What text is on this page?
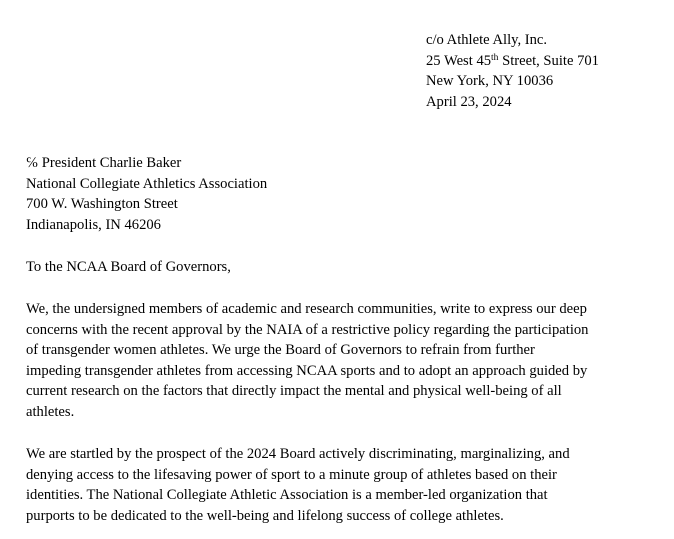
c/o Athlete Ally, Inc.
25 West 45th Street, Suite 701
New York, NY 10036
April 23, 2024
℅ President Charlie Baker
National Collegiate Athletics Association
700 W. Washington Street
Indianapolis, IN 46206
To the NCAA Board of Governors,
We, the undersigned members of academic and research communities, write to express our deep
concerns with the recent approval by the NAIA of a restrictive policy regarding the participation
of transgender women athletes. We urge the Board of Governors to refrain from further
impeding transgender athletes from accessing NCAA sports and to adopt an approach guided by
current research on the factors that directly impact the mental and physical well-being of all
athletes.
We are startled by the prospect of the 2024 Board actively discriminating, marginalizing, and
denying access to the lifesaving power of sport to a minute group of athletes based on their
identities. The National Collegiate Athletic Association is a member-led organization that
purports to be dedicated to the well-being and lifelong success of college athletes.
